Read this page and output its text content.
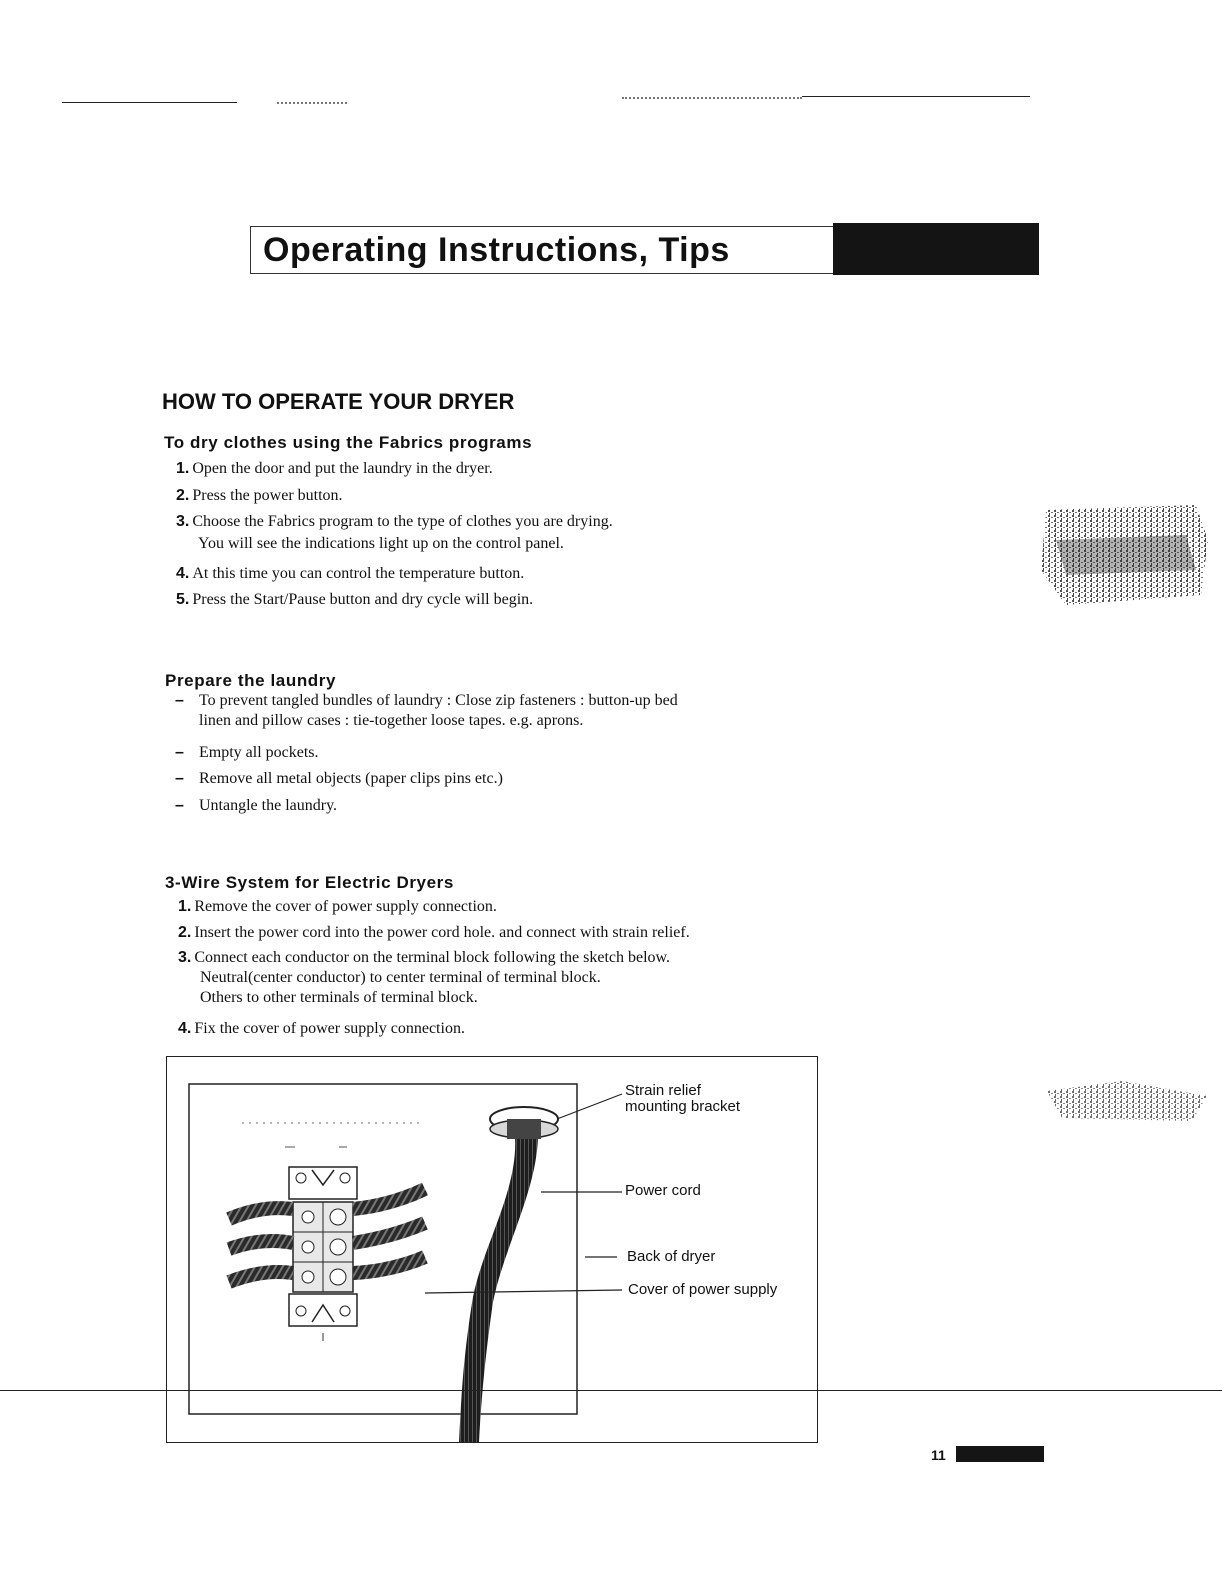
Operating Instructions, Tips
HOW TO OPERATE YOUR DRYER
To dry clothes using the Fabrics programs
1. Open the door and put the laundry in the dryer.
2. Press the power button.
3. Choose the Fabrics program to the type of clothes you are drying.
You will see the indications light up on the control panel.
4. At this time you can control the temperature button.
5. Press the Start/Pause button and dry cycle will begin.
Prepare the laundry
– To prevent tangled bundles of laundry : Close zip fasteners : button-up bed
linen and pillow cases : tie-together loose tapes. e.g. aprons.
– Empty all pockets.
– Remove all metal objects (paper clips pins etc.)
– Untangle the laundry.
3-Wire System for Electric Dryers
1. Remove the cover of power supply connection.
2. Insert the power cord into the power cord hole. and connect with strain relief.
3. Connect each conductor on the terminal block following the sketch below.
Neutral(center conductor) to center terminal of terminal block.
Others to other terminals of terminal block.
4. Fix the cover of power supply connection.
Strain relief
mounting bracket
Power cord
Back of dryer
Cover of power supply
11
